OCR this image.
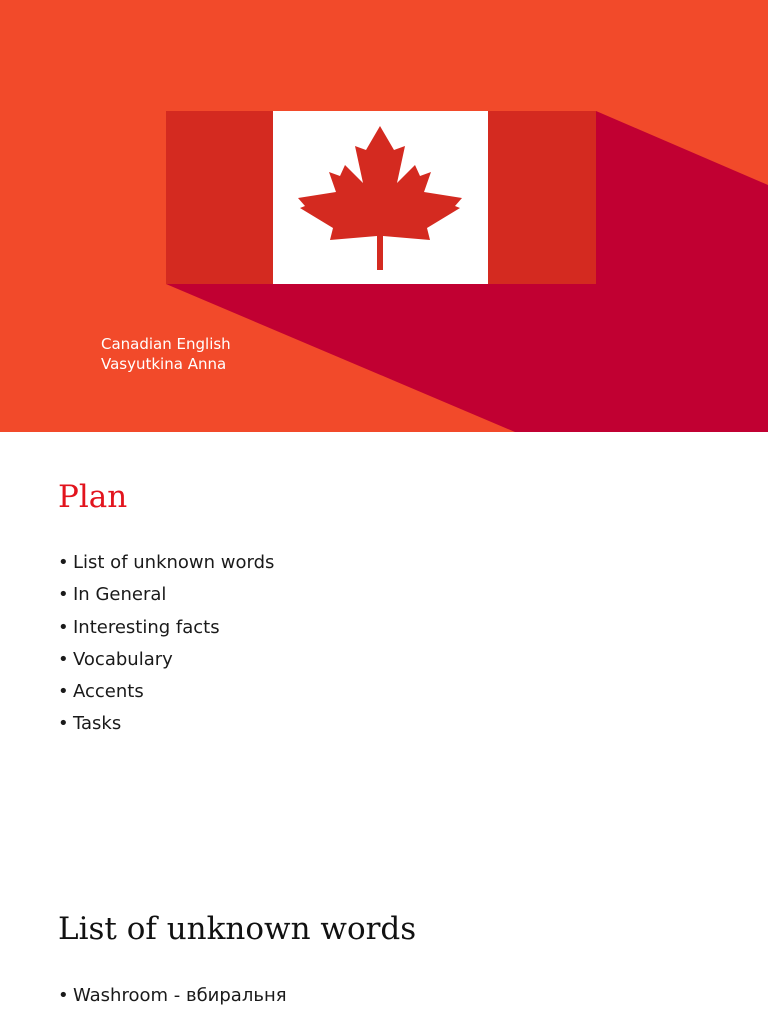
Canadian English
Vasyutkina Anna
Plan
• List of unknown words
• In General
• Interesting facts
• Vocabulary
• Accents
• Tasks
List of unknown words
• Washroom - вбиральня
